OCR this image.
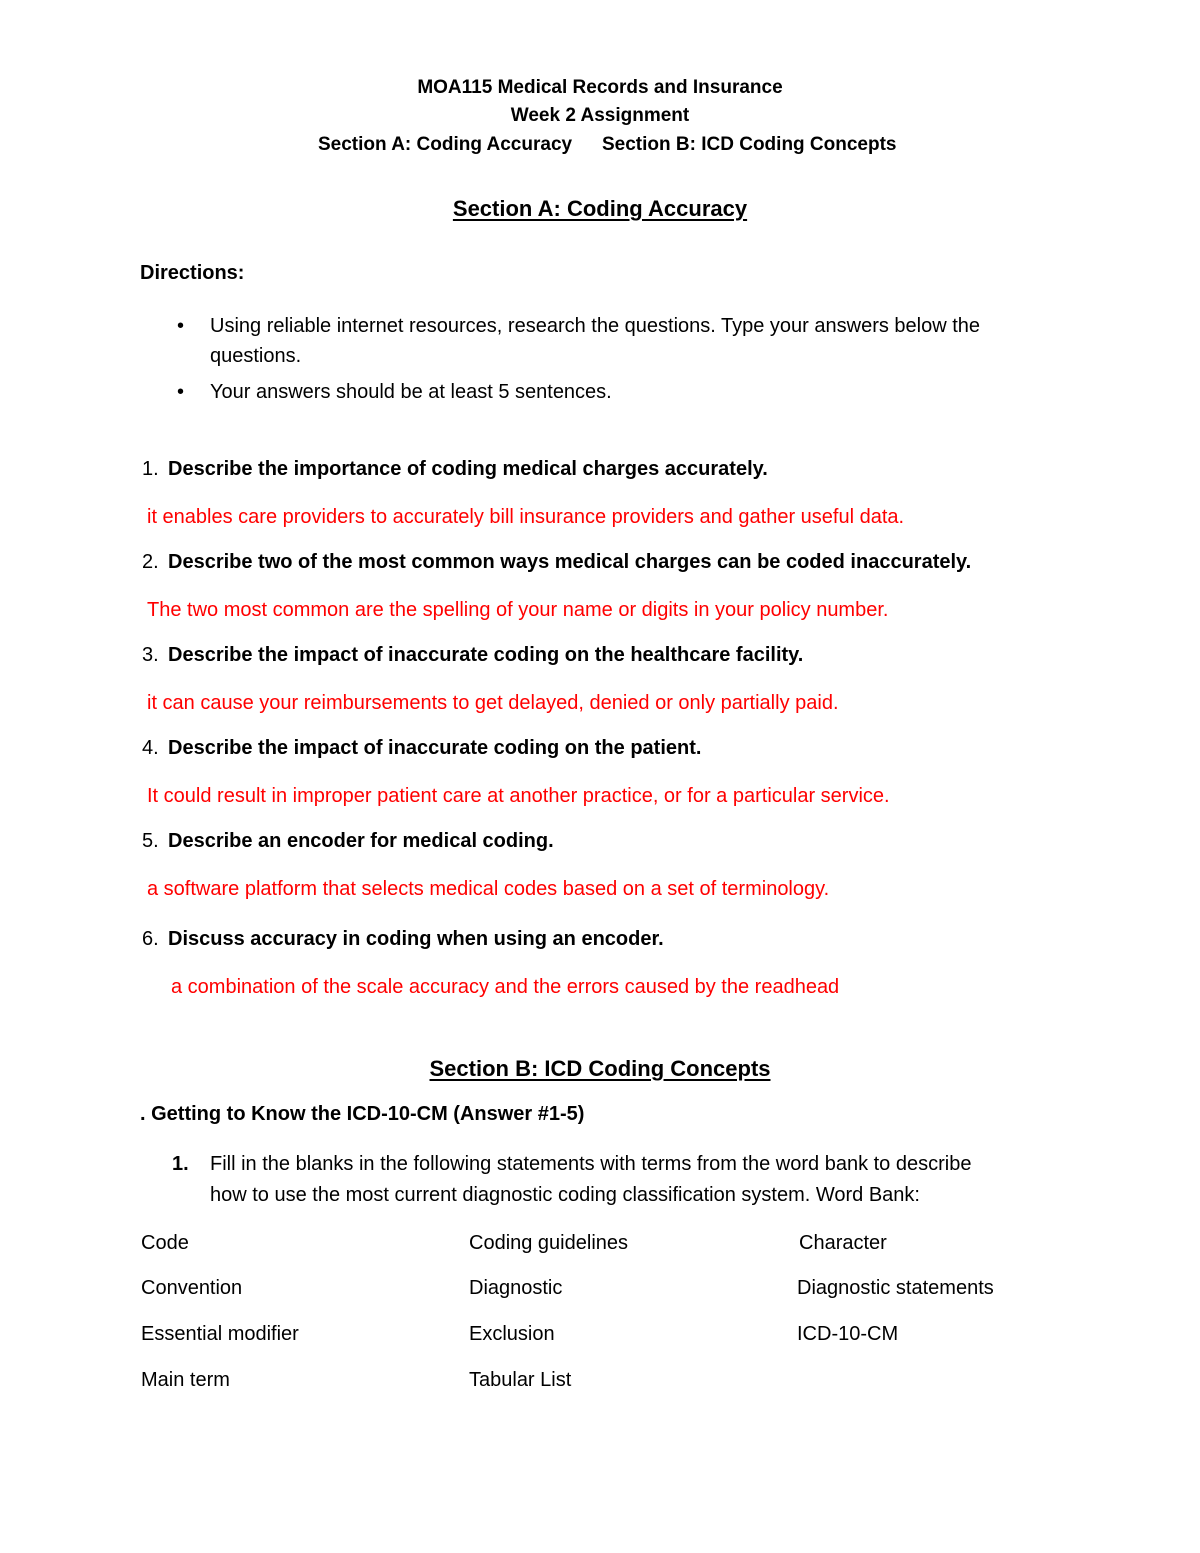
MOA115 Medical Records and Insurance
Week 2 Assignment
Section A: Coding Accuracy Section B: ICD Coding Concepts
Section A: Coding Accuracy
Directions:
• Using reliable internet resources, research the questions. Type your answers below the
questions.
• Your answers should be at least 5 sentences.
1. Describe the importance of coding medical charges accurately.
it enables care providers to accurately bill insurance providers and gather useful data.
2. Describe two of the most common ways medical charges can be coded inaccurately.
The two most common are the spelling of your name or digits in your policy number.
3. Describe the impact of inaccurate coding on the healthcare facility.
it can cause your reimbursements to get delayed, denied or only partially paid.
4. Describe the impact of inaccurate coding on the patient.
It could result in improper patient care at another practice, or for a particular service.
5. Describe an encoder for medical coding.
a software platform that selects medical codes based on a set of terminology.
6. Discuss accuracy in coding when using an encoder.
a combination of the scale accuracy and the errors caused by the readhead
Section B: ICD Coding Concepts
. Getting to Know the ICD-10-CM (Answer #1-5)
1. Fill in the blanks in the following statements with terms from the word bank to describe
how to use the most current diagnostic coding classification system. Word Bank:
Code	Coding guidelines	Character
Convention	Diagnostic	Diagnostic statements
Essential modifier	Exclusion	ICD-10-CM
Main term	Tabular List
